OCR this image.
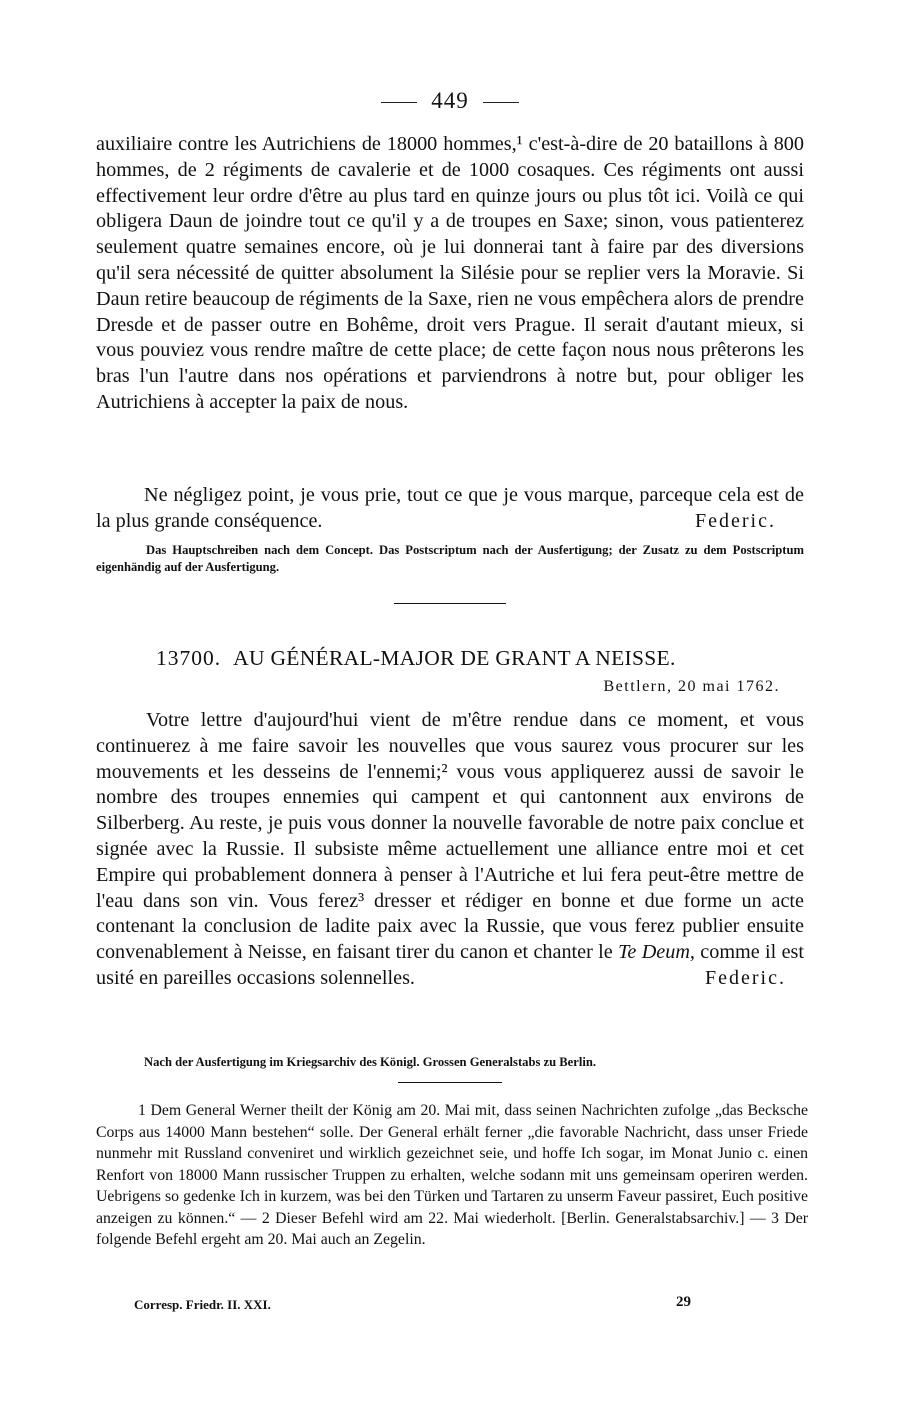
449

auxiliaire contre les Autrichiens de 18000 hommes,¹ c'est-à-dire de 20 bataillons à 800 hommes, de 2 régiments de cavalerie et de 1000 cosaques. Ces régiments ont aussi effectivement leur ordre d'être au plus tard en quinze jours ou plus tôt ici. Voilà ce qui obligera Daun de joindre tout ce qu'il y a de troupes en Saxe; sinon, vous patienterez seulement quatre semaines encore, où je lui donnerai tant à faire par des diversions qu'il sera nécessité de quitter absolument la Silésie pour se replier vers la Moravie. Si Daun retire beaucoup de régiments de la Saxe, rien ne vous empêchera alors de prendre Dresde et de passer outre en Bohême, droit vers Prague. Il serait d'autant mieux, si vous pouviez vous rendre maître de cette place; de cette façon nous nous prêterons les bras l'un l'autre dans nos opérations et parviendrons à notre but, pour obliger les Autrichiens à accepter la paix de nous.

Ne négligez point, je vous prie, tout ce que je vous marque, parceque cela est de la plus grande conséquence.	Federic.

Das Hauptschreiben nach dem Concept. Das Postscriptum nach der Ausfertigung; der Zusatz zu dem Postscriptum eigenhändig auf der Ausfertigung.
13700. AU GÉNÉRAL-MAJOR DE GRANT A NEISSE.
Bettlern, 20 mai 1762.

Votre lettre d'aujourd'hui vient de m'être rendue dans ce moment, et vous continuerez à me faire savoir les nouvelles que vous saurez vous procurer sur les mouvements et les desseins de l'ennemi;² vous vous appliquerez aussi de savoir le nombre des troupes ennemies qui campent et qui cantonnent aux environs de Silberberg. Au reste, je puis vous donner la nouvelle favorable de notre paix conclue et signée avec la Russie. Il subsiste même actuellement une alliance entre moi et cet Empire qui probablement donnera à penser à l'Autriche et lui fera peut-être mettre de l'eau dans son vin. Vous ferez³ dresser et rédiger en bonne et due forme un acte contenant la conclusion de ladite paix avec la Russie, que vous ferez publier ensuite convenablement à Neisse, en faisant tirer du canon et chanter le Te Deum, comme il est usité en pareilles occasions solennelles.	Federic.

Nach der Ausfertigung im Kriegsarchiv des Königl. Grossen Generalstabs zu Berlin.

1 Dem General Werner theilt der König am 20. Mai mit, dass seinen Nachrichten zufolge „das Becksche Corps aus 14000 Mann bestehen“ solle. Der General erhält ferner „die favorable Nachricht, dass unser Friede nunmehr mit Russland conveniret und wirklich gezeichnet seie, und hoffe Ich sogar, im Monat Junio c. einen Renfort von 18000 Mann russischer Truppen zu erhalten, welche sodann mit uns gemeinsam operiren werden. Uebrigens so gedenke Ich in kurzem, was bei den Türken und Tartaren zu unserm Faveur passiret, Euch positive anzeigen zu können.“ — 2 Dieser Befehl wird am 22. Mai wiederholt. [Berlin. Generalstabsarchiv.] — 3 Der folgende Befehl ergeht am 20. Mai auch an Zegelin.

Corresp. Friedr. II. XXI.	29
